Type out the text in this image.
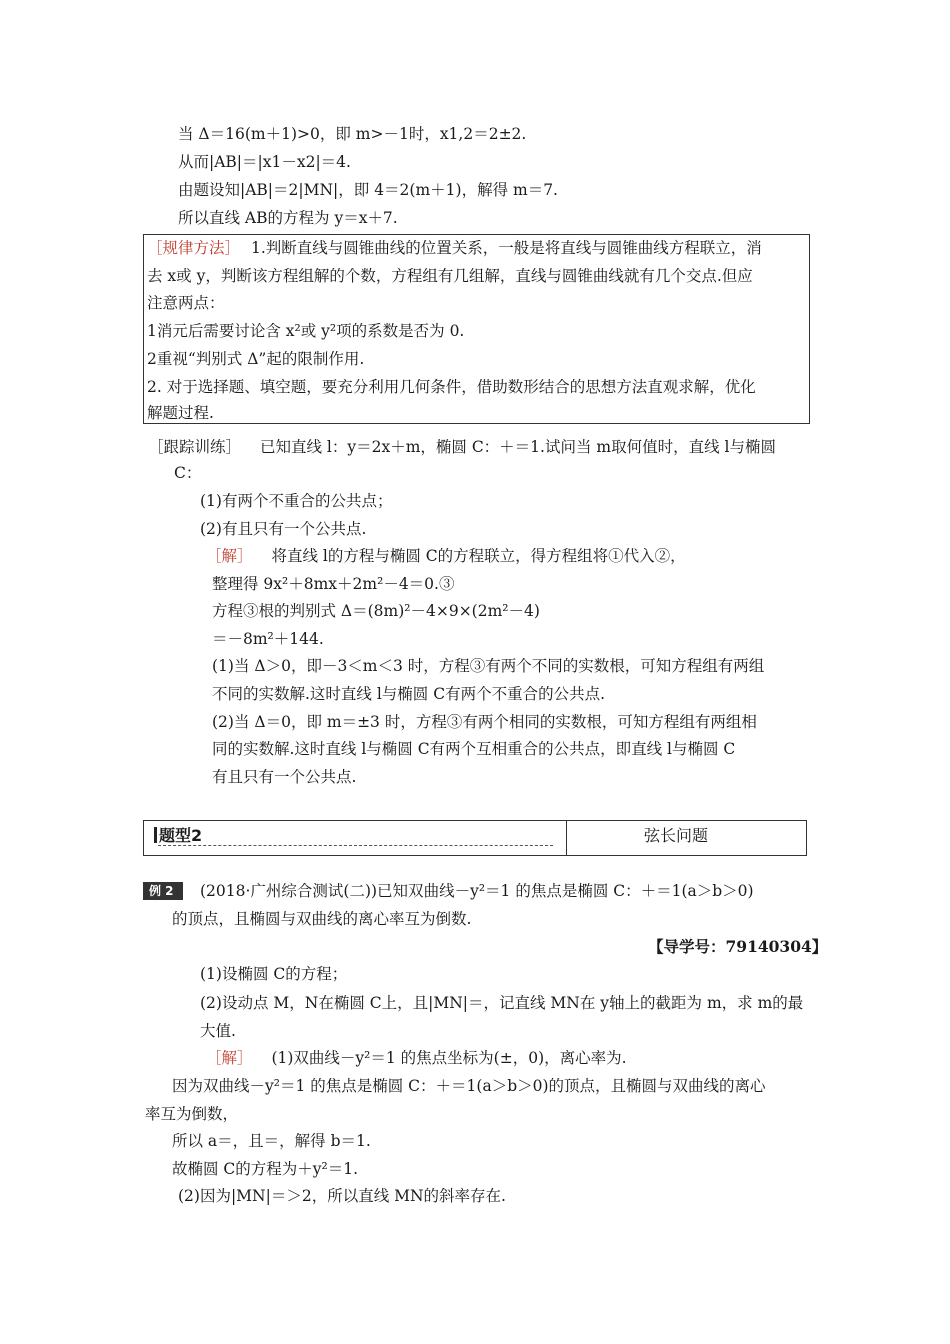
当 Δ＝16(m＋1)>0，即 m>－1时，x1,2＝2±2.
从而|AB|＝|x1－x2|＝4.
由题设知|AB|＝2|MN|，即 4＝2(m＋1)，解得 m＝7.
所以直线 AB的方程为 y＝x＋7.
［规律方法］ 1.判断直线与圆锥曲线的位置关系，一般是将直线与圆锥曲线方程联立，消
去 x或 y，判断该方程组解的个数，方程组有几组解，直线与圆锥曲线就有几个交点.但应
注意两点：
1消元后需要讨论含 x²或 y²项的系数是否为 0.
2重视“判别式 Δ”起的限制作用.
2. 对于选择题、填空题，要充分利用几何条件，借助数形结合的思想方法直观求解，优化
解题过程.
［跟踪训练］ 已知直线 l：y＝2x＋m，椭圆 C：＋＝1.试问当 m取何值时，直线 l与椭圆
C：
(1)有两个不重合的公共点；
(2)有且只有一个公共点.
［解］ 将直线 l的方程与椭圆 C的方程联立，得方程组将①代入②，
整理得 9x²＋8mx＋2m²－4＝0.③
方程③根的判别式 Δ＝(8m)²－4×9×(2m²－4)
＝－8m²＋144.
(1)当 Δ＞0，即－3＜m＜3 时，方程③有两个不同的实数根，可知方程组有两组
不同的实数解.这时直线 l与椭圆 C有两个不重合的公共点.
(2)当 Δ＝0，即 m＝±3 时，方程③有两个相同的实数根，可知方程组有两组相
同的实数解.这时直线 l与椭圆 C有两个互相重合的公共点，即直线 l与椭圆 C
有且只有一个公共点.
题型2	弦长问题
例 2	(2018·广州综合测试(二))已知双曲线－y²＝1 的焦点是椭圆 C：＋＝1(a＞b＞0)
的顶点，且椭圆与双曲线的离心率互为倒数.
【导学号：79140304】
(1)设椭圆 C的方程；
(2)设动点 M，N在椭圆 C上，且|MN|＝，记直线 MN在 y轴上的截距为 m，求 m的最
大值.
［解］ (1)双曲线－y²＝1 的焦点坐标为(±，0)，离心率为.
因为双曲线－y²＝1 的焦点是椭圆 C：＋＝1(a＞b＞0)的顶点，且椭圆与双曲线的离心
率互为倒数，
所以 a＝，且＝，解得 b＝1.
故椭圆 C的方程为＋y²＝1.
(2)因为|MN|＝＞2，所以直线 MN的斜率存在.
